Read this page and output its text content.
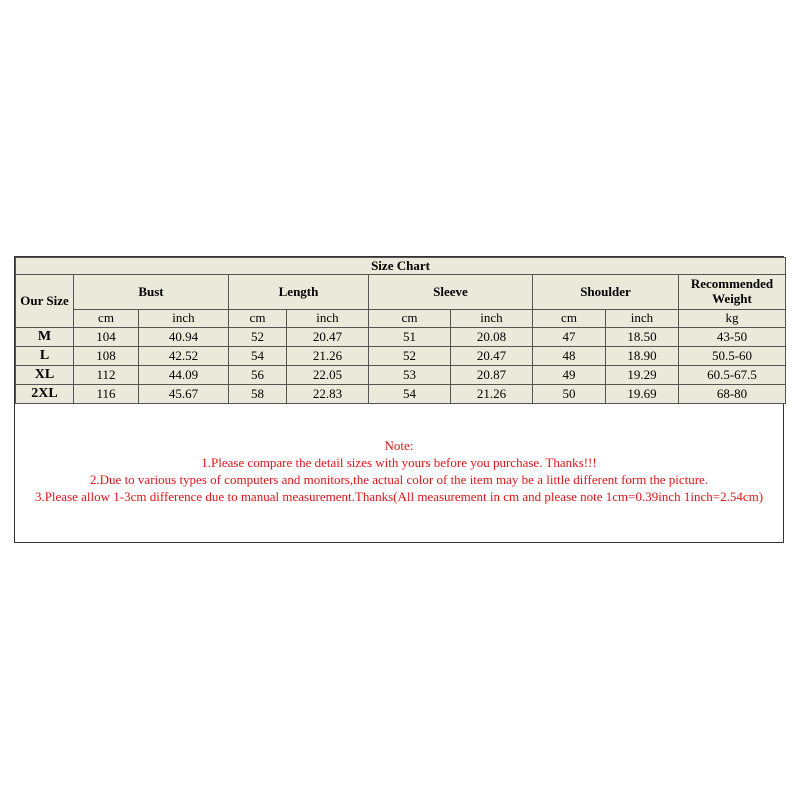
Size Chart									
Our Size	Bust		Length		Sleeve		Shoulder		Recommended Weight
	cm	inch	cm	inch	cm	inch	cm	inch	kg
M	104	40.94	52	20.47	51	20.08	47	18.50	43-50
L	108	42.52	54	21.26	52	20.47	48	18.90	50.5-60
XL	112	44.09	56	22.05	53	20.87	49	19.29	60.5-67.5
2XL	116	45.67	58	22.83	54	21.26	50	19.69	68-80
Note:
1.Please compare the detail sizes with yours before you purchase. Thanks!!!
2.Due to various types of computers and monitors,the actual color of the item may be a little different form the picture.
3.Please allow 1-3cm difference due to manual measurement.Thanks(All measurement in cm and please note 1cm=0.39inch 1inch=2.54cm)
